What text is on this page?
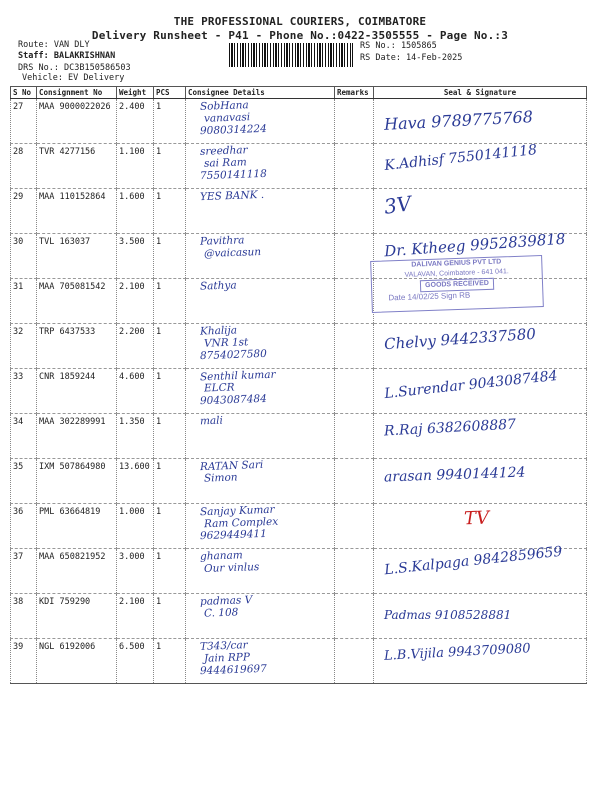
THE PROFESSIONAL COURIERS, COIMBATORE
Delivery Runsheet - P41 - Phone No.:0422-3505555 - Page No.:3
Route: VAN DLY
Staff: BALAKRISHNAN
DRS No.: DC3B150586503
Vehicle: EV Delivery
RS No.: 1505865
RS Date: 14-Feb-2025
S No	Consignment No	Weight	PCS	Consignee Details	Remarks	Seal & Signature
27	MAA 9000022026	2.400	1	SobHana
vanavasi
9080314224		Hava 9789775768

28	TVR 4277156	1.100	1	sreedhar
sai Ram
7550141118		K.Adhisf 7550141118

29	MAA 110152864	1.600	1	YES BANK .		3V

30	TVL 163037	3.500	1	Pavithra
@vaicasun		Dr. Ktheeg 9952839818

31	MAA 705081542	2.100	1	Sathya		

32	TRP 6437533	2.200	1	Khalija
VNR 1st
8754027580		Chelvy 9442337580

33	CNR 1859244	4.600	1	Senthil kumar
ELCR
9043087484		L.Surendar 9043087484

34	MAA 302289991	1.350	1	mali		R.Raj 6382608887

35	IXM 507864980	13.600	1	RATAN Sari
Simon		arasan 9940144124

36	PML 63664819	1.000	1	Sanjay Kumar
Ram Complex
9629449411		TV

37	MAA 650821952	3.000	1	ghanam
Our vinlus		L.S.Kalpaga 9842859659

38	KDI 759290	2.100	1	padmas V
C. 108		Padmas 9108528881

39	NGL 6192006	6.500	1	T343/car
Jain RPP
9444619697		L.B.Vijila 9943709080
DALIVAN GENIUS PVT LTD
VALAVAN, Coimbatore - 641 041.
GOODS RECEIVED
Date 14/02/25 Sign RB
